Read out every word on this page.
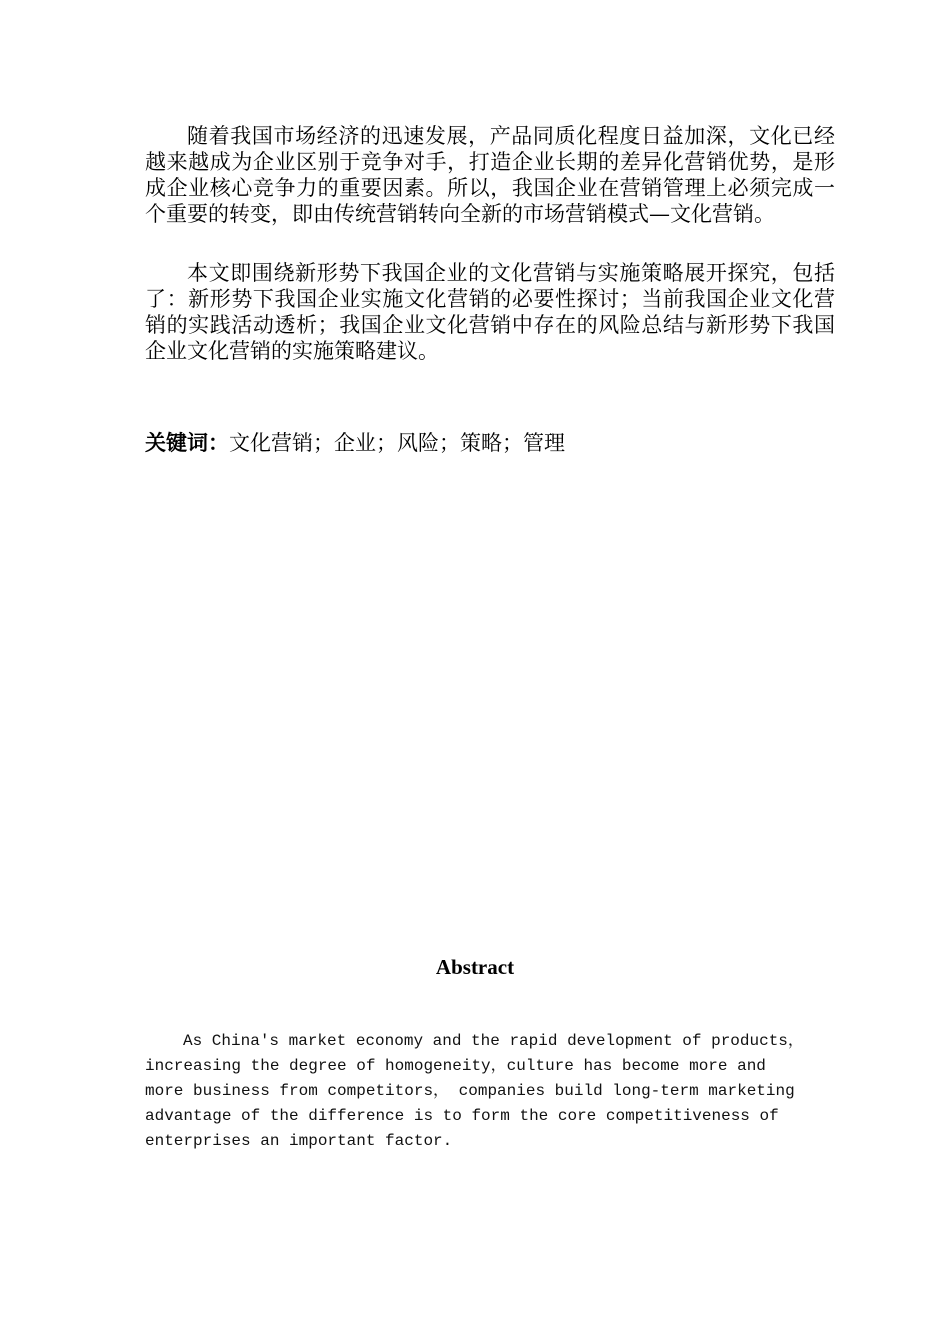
随着我国市场经济的迅速发展，产品同质化程度日益加深，文化已经越来越成为企业区别于竞争对手，打造企业长期的差异化营销优势，是形成企业核心竞争力的重要因素。所以，我国企业在营销管理上必须完成一个重要的转变，即由传统营销转向全新的市场营销模式—文化营销。

本文即围绕新形势下我国企业的文化营销与实施策略展开探究，包括了：新形势下我国企业实施文化营销的必要性探讨；当前我国企业文化营销的实践活动透析；我国企业文化营销中存在的风险总结与新形势下我国企业文化营销的实施策略建议。

关键词：文化营销；企业；风险；策略；管理

Abstract

As China's market economy and the rapid development of products，increasing the degree of homogeneity，culture has become more and more business from competitors， companies build long-term marketing advantage of the difference is to form the core competitiveness of enterprises an important factor.
